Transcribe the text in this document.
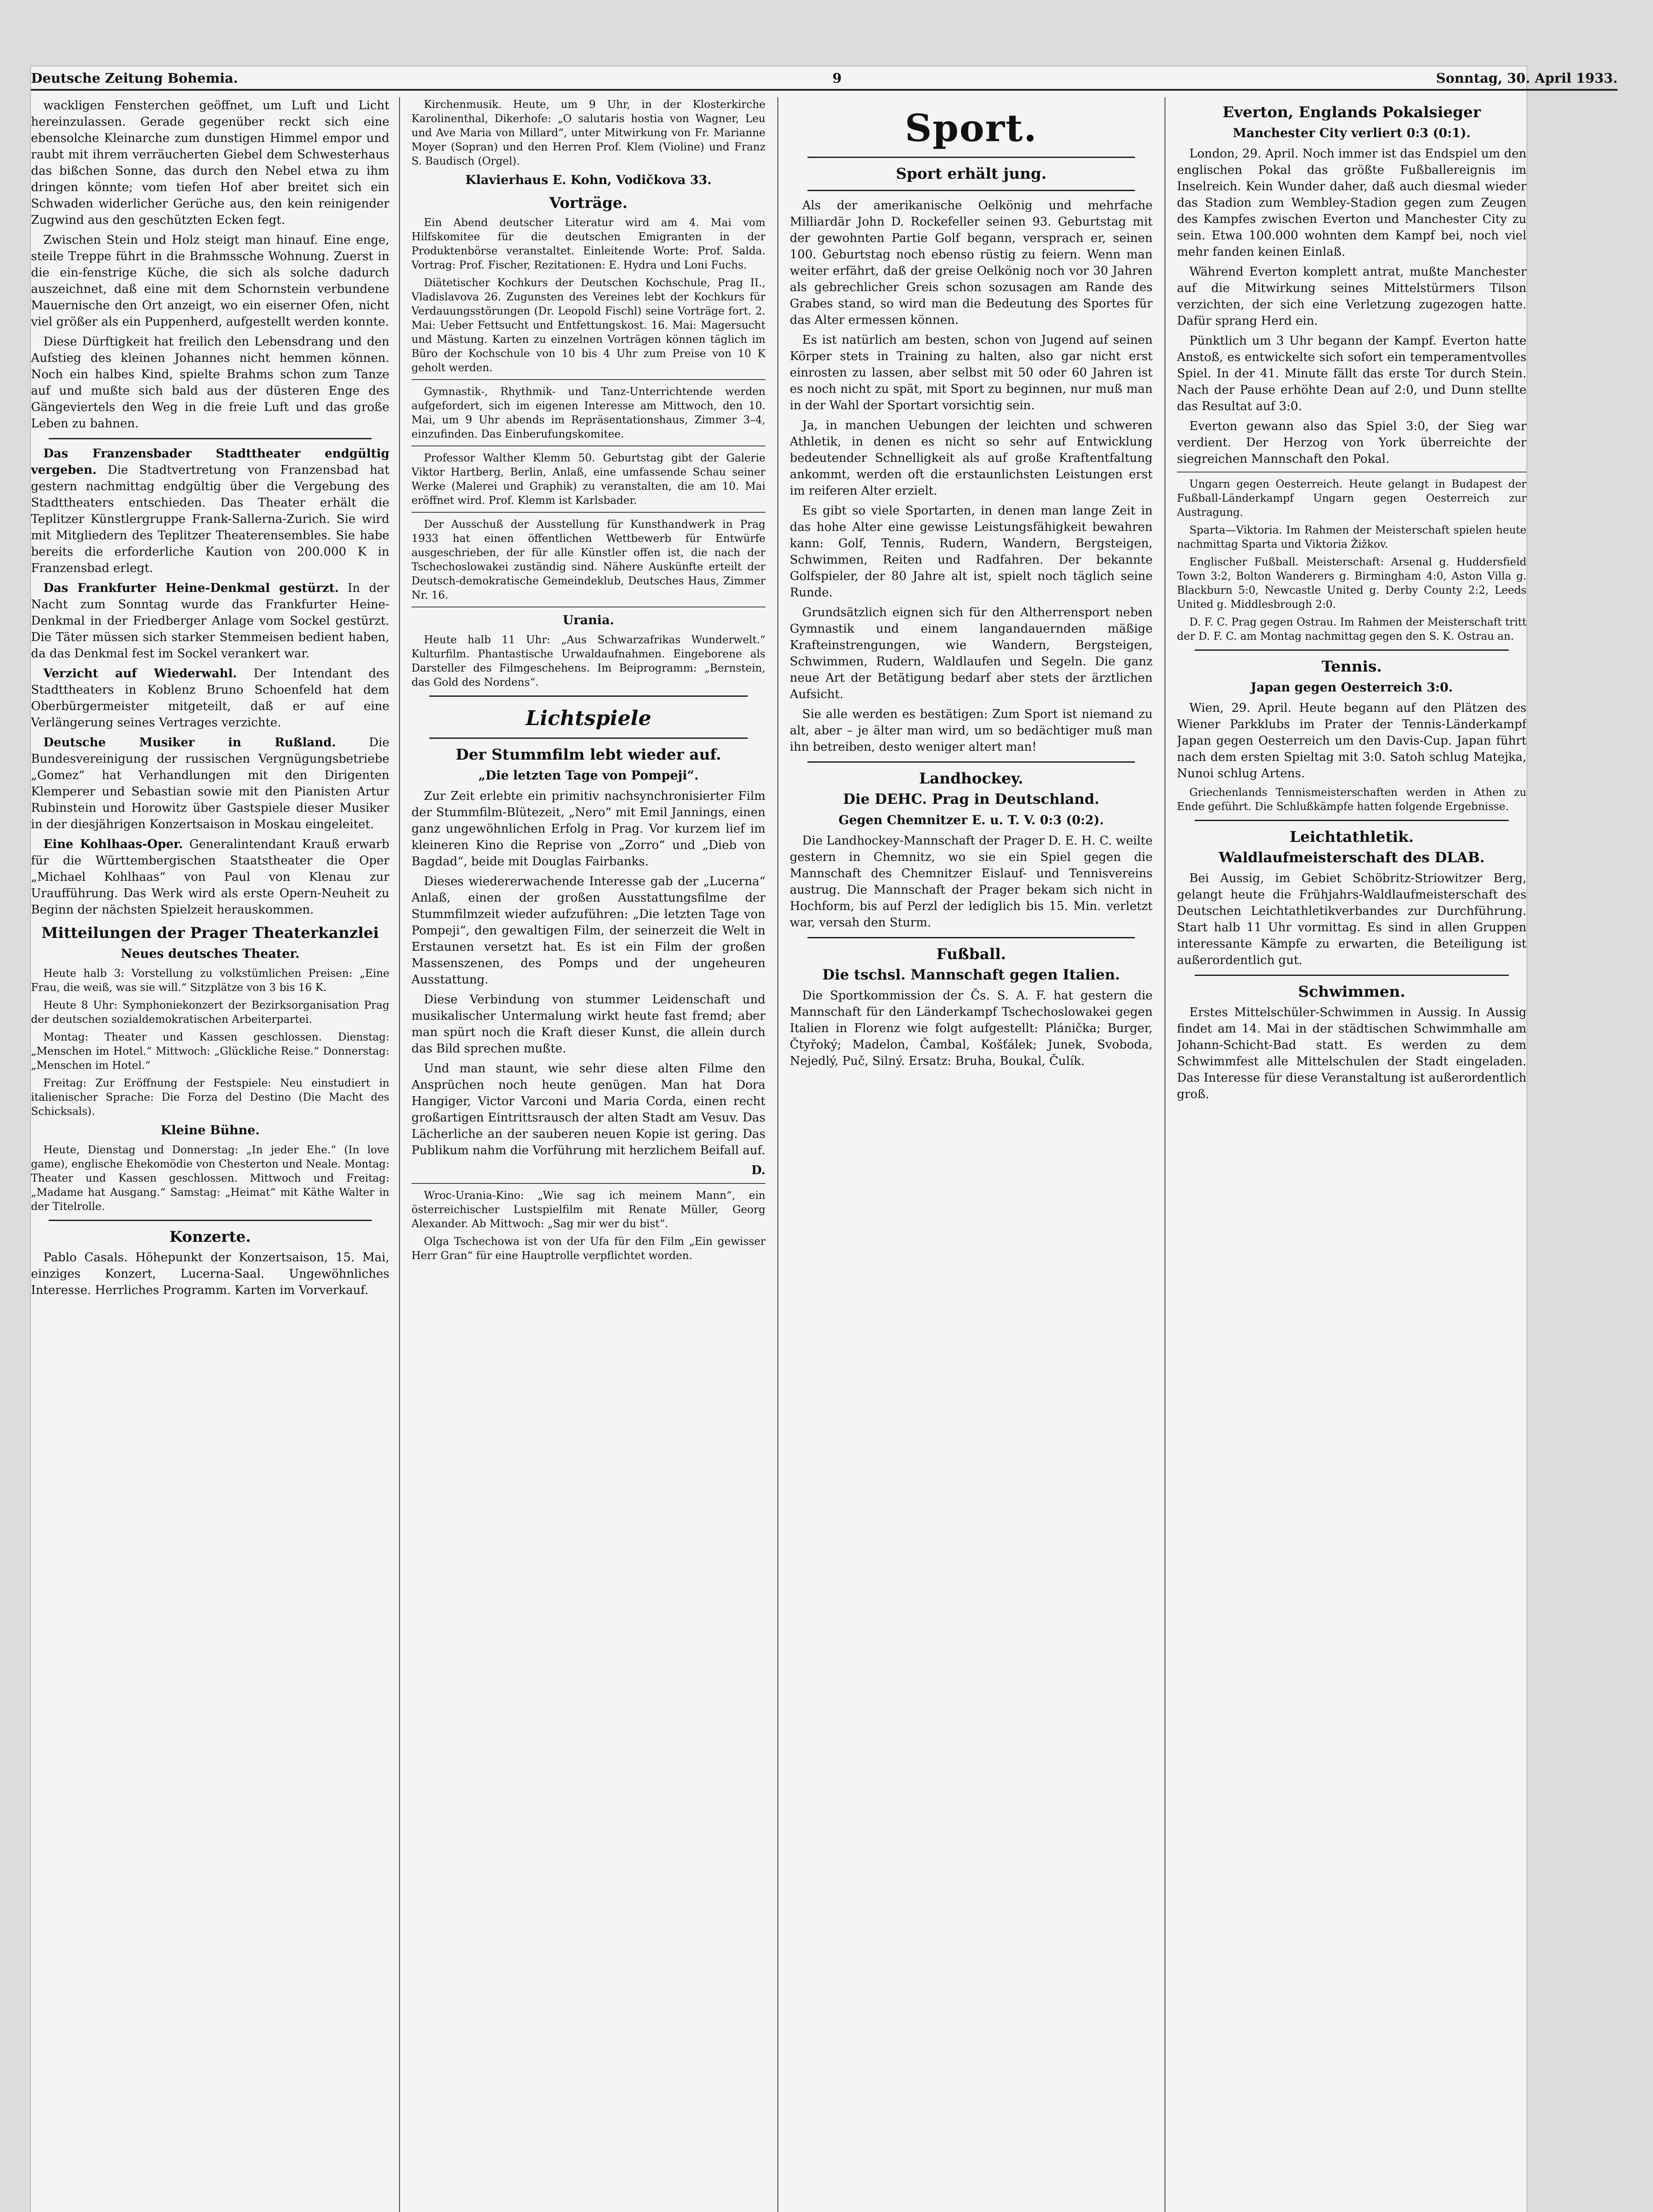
Deutsche Zeitung Bohemia.	9	Sonntag, 30. April 1933.

wackligen Fensterchen geöffnet, um Luft und Licht hereinzulassen. Gerade gegenüber reckt sich eine ebensolche Kleinarche zum dunstigen Himmel empor und raubt mit ihrem verräucherten Giebel dem Schwesterhaus das bißchen Sonne, das durch den Nebel etwa zu ihm dringen könnte; vom tiefen Hof aber breitet sich ein Schwaden widerlicher Gerüche aus, den kein reinigender Zugwind aus den geschützten Ecken fegt.

Zwischen Stein und Holz steigt man hinauf. Eine enge, steile Treppe führt in die Brahmssche Wohnung. Zuerst in die ein-fenstrige Küche, die sich als solche dadurch auszeichnet, daß eine mit dem Schornstein verbundene Mauernische den Ort anzeigt, wo ein eiserner Ofen, nicht viel größer als ein Puppenherd, aufgestellt werden konnte.

Diese Dürftigkeit hat freilich den Lebensdrang und den Aufstieg des kleinen Johannes nicht hemmen können. Noch ein halbes Kind, spielte Brahms schon zum Tanze auf und mußte sich bald aus der düsteren Enge des Gängeviertels den Weg in die freie Luft und das große Leben zu bahnen.

Das Franzensbader Stadttheater endgültig vergeben. Die Stadtvertretung von Franzensbad hat gestern nachmittag endgültig über die Vergebung des Stadttheaters entschieden. Das Theater erhält die Teplitzer Künstlergruppe Frank-Sallerna-Zurich. Sie wird mit Mitgliedern des Teplitzer Theaterensembles. Sie habe bereits die erforderliche Kaution von 200.000 K in Franzensbad erlegt.

Das Frankfurter Heine-Denkmal gestürzt. In der Nacht zum Sonntag wurde das Frankfurter Heine-Denkmal in der Friedberger Anlage vom Sockel gestürzt. Die Täter müssen sich starker Stemmeisen bedient haben, da das Denkmal fest im Sockel verankert war.

Verzicht auf Wiederwahl. Der Intendant des Stadttheaters in Koblenz Bruno Schoenfeld hat dem Oberbürgermeister mitgeteilt, daß er auf eine Verlängerung seines Vertrages verzichte.

Deutsche Musiker in Rußland.	Die Bundesvereinigung der russischen Vergnügungsbetriebe „Gomez“ hat Verhandlungen mit den Dirigenten Klemperer und Sebastian sowie mit den Pianisten Artur Rubinstein und Horowitz über Gastspiele dieser Musiker in der diesjährigen Konzertsaison in Moskau eingeleitet.

Eine Kohlhaas-Oper. Generalintendant Krauß erwarb für die Württembergischen Staatstheater die Oper „Michael Kohlhaas“ von Paul von Klenau zur Uraufführung. Das Werk wird als erste Opern-Neuheit zu Beginn der nächsten Spielzeit herauskommen.

Mitteilungen der Prager Theaterkanzlei
Neues deutsches Theater.

Heute halb 3: Vorstellung zu volkstümlichen Preisen: „Eine Frau, die weiß, was sie will.“ Sitzplätze von 3 bis 16 K.

Heute 8 Uhr: Symphoniekonzert der Bezirksorganisation Prag der deutschen sozialdemokratischen Arbeiterpartei.

Montag: Theater und Kassen geschlossen. Dienstag: „Menschen im Hotel.“ Mittwoch: „Glückliche Reise.“ Donnerstag: „Menschen im Hotel.“

Freitag: Zur Eröffnung der Festspiele: Neu einstudiert in italienischer Sprache: Die Forza del Destino (Die Macht des Schicksals).

Kleine Bühne.

Heute, Dienstag und Donnerstag: „In jeder Ehe.“ (In love game), englische Ehekomödie von Chesterton und Neale. Montag: Theater und Kassen geschlossen. Mittwoch und Freitag: „Madame hat Ausgang.“ Samstag: „Heimat“ mit Käthe Walter in der Titelrolle.

Konzerte.

Pablo Casals. Höhepunkt der Konzertsaison, 15. Mai, einziges Konzert, Lucerna-Saal. Ungewöhnliches Interesse. Herrliches Programm. Karten im Vorverkauf.

Kirchenmusik. Heute, um 9 Uhr, in der Klosterkirche Karolinenthal, Dikerhofe: „O salutaris hostia von Wagner, Leu und Ave Maria von Millard“, unter Mitwirkung von Fr. Marianne Moyer (Sopran) und den Herren Prof. Klem (Violine) und Franz S. Baudisch (Orgel).

Klavierhaus E. Kohn, Vodičkova 33.
Vorträge.

Ein Abend deutscher Literatur wird am 4. Mai vom Hilfskomitee für die deutschen Emigranten in der Produktenbörse veranstaltet. Einleitende Worte: Prof. Salda. Vortrag: Prof. Fischer, Rezitationen: E. Hydra und Loni Fuchs.

Diätetischer Kochkurs der Deutschen Kochschule, Prag II., Vladislavova 26. Zugunsten des Vereines lebt der Kochkurs für Verdauungsstörungen (Dr. Leopold Fischl) seine Vorträge fort. 2. Mai: Ueber Fettsucht und Entfettungskost. 16. Mai: Magersucht und Mästung. Karten zu einzelnen Vorträgen können täglich im Büro der Kochschule von 10 bis 4 Uhr zum Preise von 10 K geholt werden.

Gymnastik-, Rhythmik- und Tanz-Unterrichtende werden aufgefordert, sich im eigenen Interesse am Mittwoch, den 10. Mai, um 9 Uhr abends im Repräsentationshaus, Zimmer 3–4, einzufinden. Das Einberufungskomitee.

Professor Walther Klemm 50. Geburtstag gibt der Galerie Viktor Hartberg, Berlin, Anlaß, eine umfassende Schau seiner Werke (Malerei und Graphik) zu veranstalten, die am 10. Mai eröffnet wird. Prof. Klemm ist Karlsbader.

Der Ausschuß der Ausstellung für Kunsthandwerk in Prag 1933 hat einen öffentlichen Wettbewerb für Entwürfe ausgeschrieben, der für alle Künstler offen ist, die nach der Tschechoslowakei zuständig sind. Nähere Auskünfte erteilt der Deutsch-demokratische Gemeindeklub, Deutsches Haus, Zimmer Nr. 16.

Urania.

Heute halb 11 Uhr: „Aus Schwarzafrikas Wunderwelt.“ Kulturfilm. Phantastische Urwaldaufnahmen. Eingeborene als Darsteller des Filmgeschehens. Im Beiprogramm: „Bernstein, das Gold des Nordens“.

Lichtspiele
Der Stummfilm lebt wieder auf.
„Die letzten Tage von Pompeji“.

Zur Zeit erlebte ein primitiv nachsynchronisierter Film der Stummfilm-Blütezeit, „Nero“ mit Emil Jannings, einen ganz ungewöhnlichen Erfolg in Prag. Vor kurzem lief im kleineren Kino die Reprise von „Zorro“ und „Dieb von Bagdad“, beide mit Douglas Fairbanks.

Dieses wiedererwachende Interesse gab der „Lucerna“ Anlaß, einen der großen Ausstattungsfilme der Stummfilmzeit wieder aufzuführen: „Die letzten Tage von Pompeji“, den gewaltigen Film, der seinerzeit die Welt in Erstaunen versetzt hat. Es ist ein Film der großen Massenszenen, des Pomps und der ungeheuren Ausstattung.

Diese Verbindung von stummer Leidenschaft und musikalischer Untermalung wirkt heute fast fremd; aber man spürt noch die Kraft dieser Kunst, die allein durch das Bild sprechen mußte.

Und man staunt, wie sehr diese alten Filme den Ansprüchen noch heute genügen. Man hat Dora Hangiger, Victor Varconi und Maria Corda, einen recht großartigen Eintrittsrausch der alten Stadt am Vesuv. Das Lächerliche an der sauberen neuen Kopie ist gering. Das Publikum nahm die Vorführung mit herzlichem Beifall auf.

D.

Wroc-Urania-Kino: „Wie sag ich meinem Mann“, ein österreichischer Lustspielfilm mit Renate Müller, Georg Alexander. Ab Mittwoch: „Sag mir wer du bist“.

Olga Tschechowa ist von der Ufa für den Film „Ein gewisser Herr Gran“ für eine Hauptrolle verpflichtet worden.

Sport.
Sport erhält jung.

Als der amerikanische Oelkönig und mehrfache Milliardär John D. Rockefeller seinen 93. Geburtstag mit der gewohnten Partie Golf begann, versprach er, seinen 100. Geburtstag noch ebenso rüstig zu feiern. Wenn man weiter erfährt, daß der greise Oelkönig noch vor 30 Jahren als gebrechlicher Greis schon sozusagen am Rande des Grabes stand, so wird man die Bedeutung des Sportes für das Alter ermessen können.

Es ist natürlich am besten, schon von Jugend auf seinen Körper stets in Training zu halten, also gar nicht erst einrosten zu lassen, aber selbst mit 50 oder 60 Jahren ist es noch nicht zu spät, mit Sport zu beginnen, nur muß man in der Wahl der Sportart vorsichtig sein.

Ja, in manchen Uebungen der leichten und schweren Athletik, in denen es nicht so sehr auf Entwicklung bedeutender Schnelligkeit als auf große Kraftentfaltung ankommt, werden oft die erstaunlichsten Leistungen erst im reiferen Alter erzielt.

Es gibt so viele Sportarten, in denen man lange Zeit in das hohe Alter eine gewisse Leistungsfähigkeit bewahren kann: Golf, Tennis, Rudern, Wandern, Bergsteigen, Schwimmen, Reiten und Radfahren. Der bekannte Golfspieler, der 80 Jahre alt ist, spielt noch täglich seine Runde.

Grundsätzlich eignen sich für den Altherrensport neben Gymnastik und einem langandauernden mäßige Krafteinstrengungen, wie Wandern, Bergsteigen, Schwimmen, Rudern, Waldlaufen und Segeln. Die ganz neue Art der Betätigung bedarf aber stets der ärztlichen Aufsicht.

Sie alle werden es bestätigen: Zum Sport ist niemand zu alt, aber – je älter man wird, um so bedächtiger muß man ihn betreiben, desto weniger altert man!

Landhockey.
Die DEHC. Prag in Deutschland.
Gegen Chemnitzer E. u. T. V. 0:3 (0:2).

Die Landhockey-Mannschaft der Prager D. E. H. C. weilte gestern in Chemnitz, wo sie ein Spiel gegen die Mannschaft des Chemnitzer Eislauf- und Tennisvereins austrug. Die Mannschaft der Prager bekam sich nicht in Hochform, bis auf Perzl der lediglich bis 15. Min. verletzt war, versah den Sturm.

Fußball.
Die tschsl. Mannschaft gegen Italien.

Die Sportkommission der Čs. S. A. F. hat gestern die Mannschaft für den Länderkampf Tschechoslowakei gegen Italien in Florenz wie folgt aufgestellt: Plánička; Burger, Čtyřoký; Madelon, Čambal, Košťálek; Junek, Svoboda, Nejedlý, Puč, Silný. Ersatz: Bruha, Boukal, Čulík.

Everton, Englands Pokalsieger
Manchester City verliert 0:3 (0:1).

London, 29. April. Noch immer ist das Endspiel um den englischen Pokal das größte Fußballereignis im Inselreich. Kein Wunder daher, daß auch diesmal wieder das Stadion zum Wembley-Stadion gegen zum Zeugen des Kampfes zwischen Everton und Manchester City zu sein. Etwa 100.000 wohnten dem Kampf bei, noch viel mehr fanden keinen Einlaß.

Während Everton komplett antrat, mußte Manchester auf die Mitwirkung seines Mittelstürmers Tilson verzichten, der sich eine Verletzung zugezogen hatte. Dafür sprang Herd ein.

Pünktlich um 3 Uhr begann der Kampf. Everton hatte Anstoß, es entwickelte sich sofort ein temperamentvolles Spiel. In der 41. Minute fällt das erste Tor durch Stein. Nach der Pause erhöhte Dean auf 2:0, und Dunn stellte das Resultat auf 3:0.

Everton gewann also das Spiel 3:0, der Sieg war verdient. Der Herzog von York überreichte der siegreichen Mannschaft den Pokal.

Ungarn gegen Oesterreich. Heute gelangt in Budapest der Fußball-Länderkampf Ungarn gegen Oesterreich zur Austragung.

Sparta—Viktoria. Im Rahmen der Meisterschaft spielen heute nachmittag Sparta und Viktoria Žižkov.

Englischer Fußball. Meisterschaft: Arsenal g. Huddersfield Town 3:2, Bolton Wanderers g. Birmingham 4:0, Aston Villa g. Blackburn 5:0, Newcastle United g. Derby County 2:2, Leeds United g. Middlesbrough 2:0.

D. F. C. Prag gegen Ostrau. Im Rahmen der Meisterschaft tritt der D. F. C. am Montag nachmittag gegen den S. K. Ostrau an.

Tennis.
Japan gegen Oesterreich 3:0.

Wien, 29. April. Heute begann auf den Plätzen des Wiener Parkklubs im Prater der Tennis-Länderkampf Japan gegen Oesterreich um den Davis-Cup. Japan führt nach dem ersten Spieltag mit 3:0. Satoh schlug Matejka, Nunoi schlug Artens.

Griechenlands Tennismeisterschaften werden in Athen zu Ende geführt. Die Schlußkämpfe hatten folgende Ergebnisse.

Leichtathletik.
Waldlaufmeisterschaft des DLAB.

Bei Aussig, im Gebiet Schöbritz-Striowitzer Berg, gelangt heute die Frühjahrs-Waldlaufmeisterschaft des Deutschen Leichtathletikverbandes zur Durchführung. Start halb 11 Uhr vormittag. Es sind in allen Gruppen interessante Kämpfe zu erwarten, die Beteiligung ist außerordentlich gut.

Schwimmen.

Erstes Mittelschüler-Schwimmen in Aussig. In Aussig findet am 14. Mai in der städtischen Schwimmhalle am Johann-Schicht-Bad statt. Es werden zu dem Schwimmfest alle Mittelschulen der Stadt eingeladen. Das Interesse für diese Veranstaltung ist außerordentlich groß.
